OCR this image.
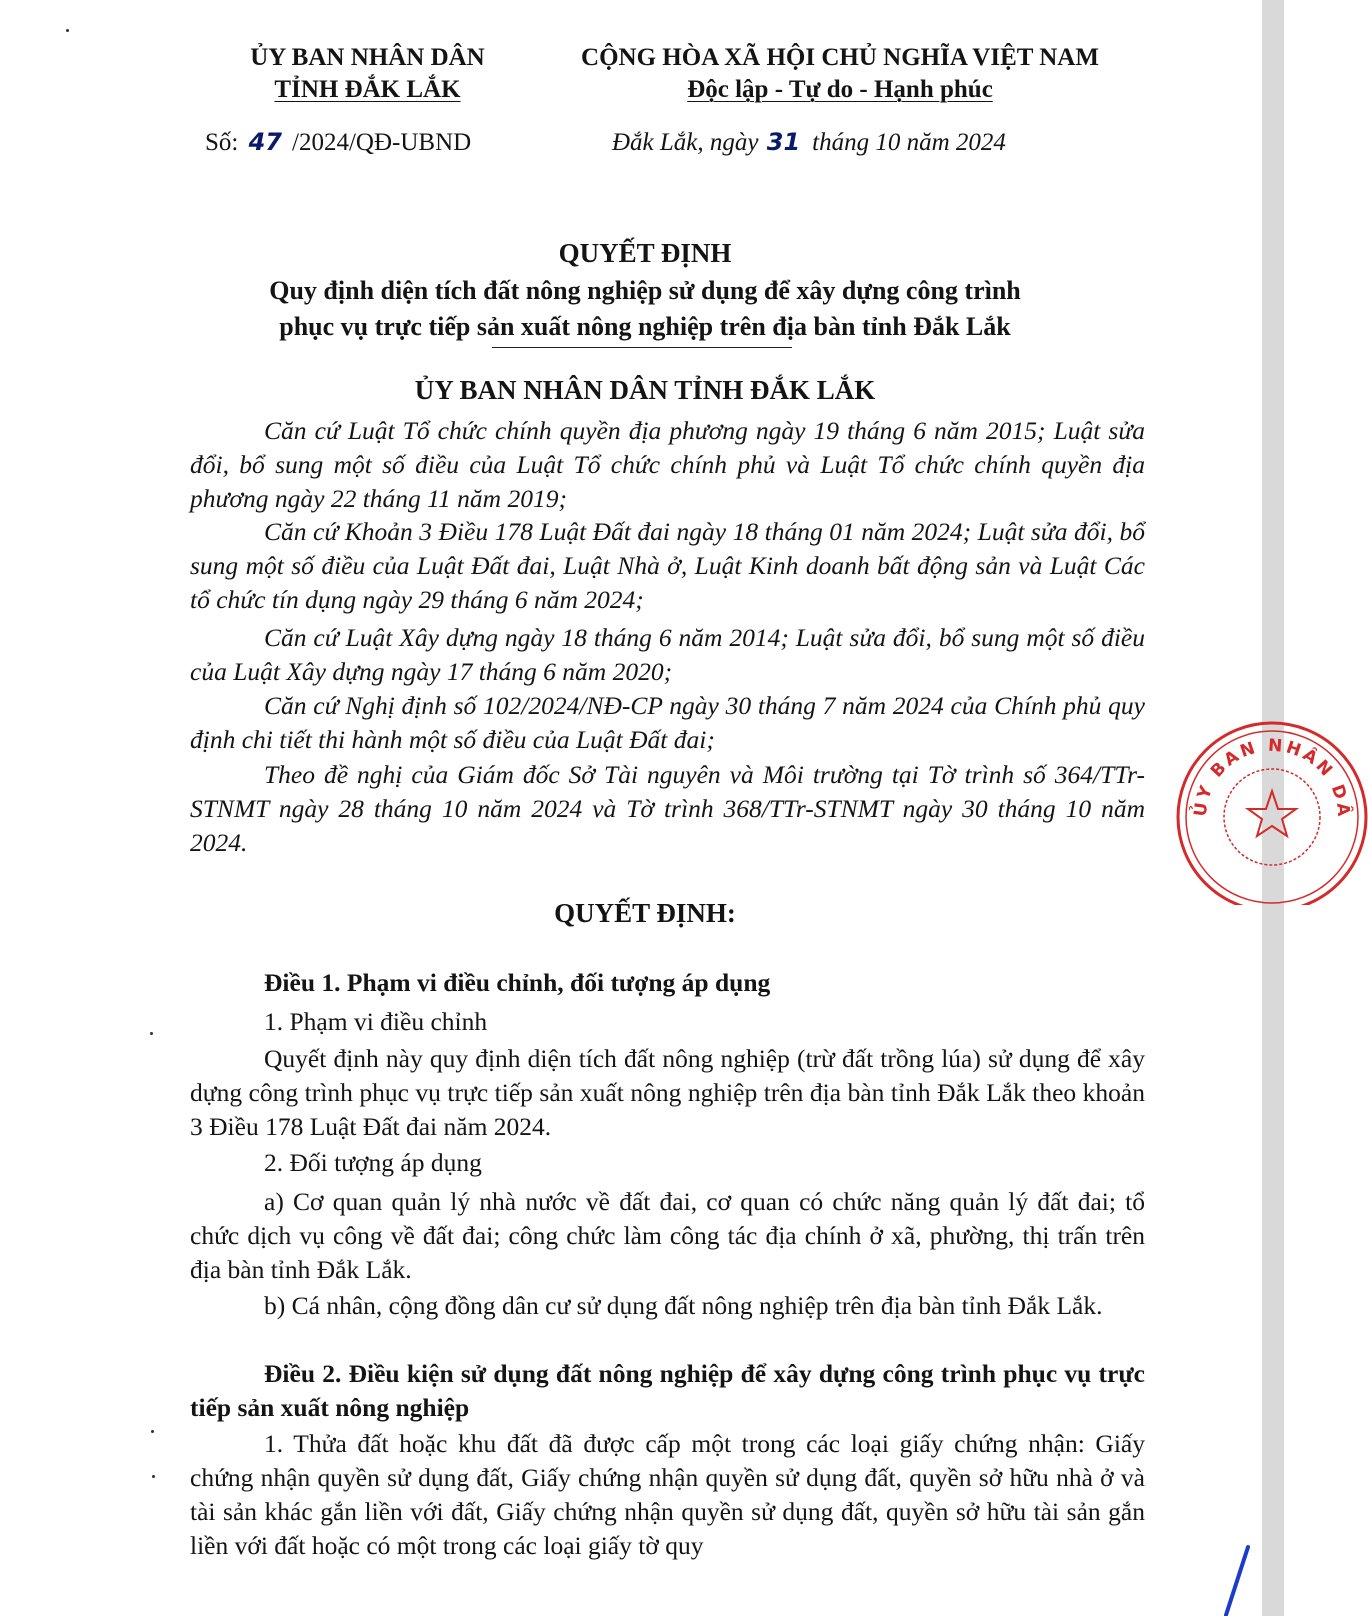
ỦY BAN NHÂN DÂN
TỈNH ĐẮK LẮK
CỘNG HÒA XÃ HỘI CHỦ NGHĨA VIỆT NAM
Độc lập - Tự do - Hạnh phúc
Số: 47 /2024/QĐ-UBND	Đắk Lắk, ngày 31 tháng 10 năm 2024
QUYẾT ĐỊNH
Quy định diện tích đất nông nghiệp sử dụng để xây dựng công trình
phục vụ trực tiếp sản xuất nông nghiệp trên địa bàn tỉnh Đắk Lắk
ỦY BAN NHÂN DÂN TỈNH ĐẮK LẮK

Căn cứ Luật Tổ chức chính quyền địa phương ngày 19 tháng 6 năm 2015; Luật sửa đổi, bổ sung một số điều của Luật Tổ chức chính phủ và Luật Tổ chức chính quyền địa phương ngày 22 tháng 11 năm 2019;

Căn cứ Khoản 3 Điều 178 Luật Đất đai ngày 18 tháng 01 năm 2024; Luật sửa đổi, bổ sung một số điều của Luật Đất đai, Luật Nhà ở, Luật Kinh doanh bất động sản và Luật Các tổ chức tín dụng ngày 29 tháng 6 năm 2024;

Căn cứ Luật Xây dựng ngày 18 tháng 6 năm 2014; Luật sửa đổi, bổ sung một số điều của Luật Xây dựng ngày 17 tháng 6 năm 2020;

Căn cứ Nghị định số 102/2024/NĐ-CP ngày 30 tháng 7 năm 2024 của Chính phủ quy định chi tiết thi hành một số điều của Luật Đất đai;

Theo đề nghị của Giám đốc Sở Tài nguyên và Môi trường tại Tờ trình số 364/TTr-STNMT ngày 28 tháng 10 năm 2024 và Tờ trình 368/TTr-STNMT ngày 30 tháng 10 năm 2024.

QUYẾT ĐỊNH:

Điều 1. Phạm vi điều chỉnh, đối tượng áp dụng

1. Phạm vi điều chỉnh

Quyết định này quy định diện tích đất nông nghiệp (trừ đất trồng lúa) sử dụng để xây dựng công trình phục vụ trực tiếp sản xuất nông nghiệp trên địa bàn tỉnh Đắk Lắk theo khoản 3 Điều 178 Luật Đất đai năm 2024.

2. Đối tượng áp dụng

a) Cơ quan quản lý nhà nước về đất đai, cơ quan có chức năng quản lý đất đai; tổ chức dịch vụ công về đất đai; công chức làm công tác địa chính ở xã, phường, thị trấn trên địa bàn tỉnh Đắk Lắk.

b) Cá nhân, cộng đồng dân cư sử dụng đất nông nghiệp trên địa bàn tỉnh Đắk Lắk.

Điều 2. Điều kiện sử dụng đất nông nghiệp để xây dựng công trình phục vụ trực tiếp sản xuất nông nghiệp

1. Thửa đất hoặc khu đất đã được cấp một trong các loại giấy chứng nhận: Giấy chứng nhận quyền sử dụng đất, Giấy chứng nhận quyền sử dụng đất, quyền sở hữu nhà ở và tài sản khác gắn liền với đất, Giấy chứng nhận quyền sử dụng đất, quyền sở hữu tài sản gắn liền với đất hoặc có một trong các loại giấy tờ quy

ỦY BAN NHÂN DÂ
